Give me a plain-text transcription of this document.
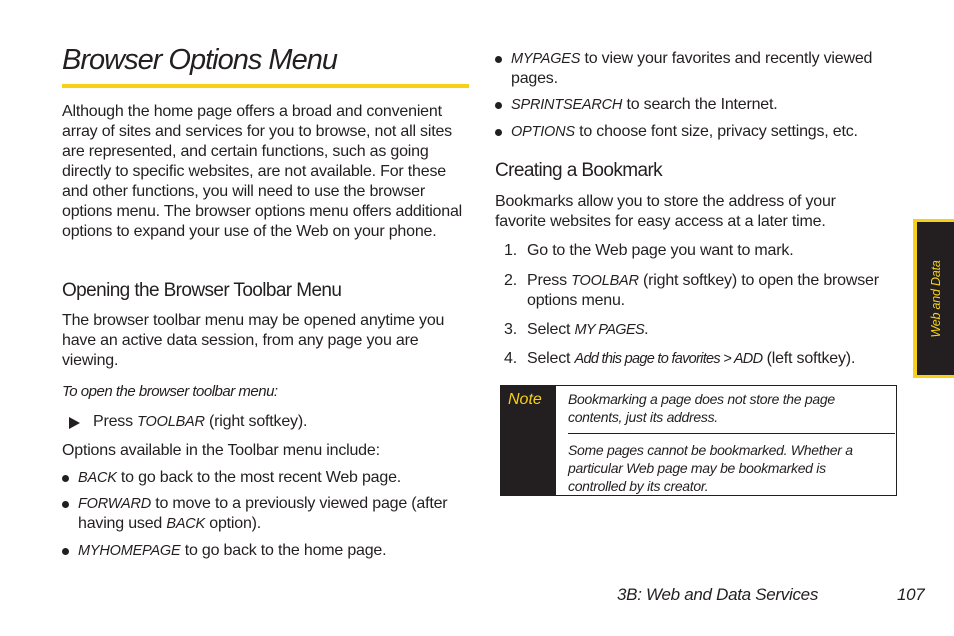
Browser Options Menu
Although the home page offers a broad and convenient array of sites and services for you to browse, not all sites are represented, and certain functions, such as going directly to specific websites, are not available. For these and other functions, you will need to use the browser options menu. The browser options menu offers additional options to expand your use of the Web on your phone.
Opening the Browser Toolbar Menu
The browser toolbar menu may be opened anytime you have an active data session, from any page you are viewing.
To open the browser toolbar menu:
Press TOOLBAR (right softkey).
Options available in the Toolbar menu include:
BACK to go back to the most recent Web page.
FORWARD to move to a previously viewed page (after
having used BACK option).
MYHOMEPAGE to go back to the home page.
MYPAGES to view your favorites and recently viewed
pages.
SPRINTSEARCH to search the Internet.
OPTIONS to choose font size, privacy settings, etc.
Creating a Bookmark
Bookmarks allow you to store the address of your favorite websites for easy access at a later time.
1. Go to the Web page you want to mark.
2. Press TOOLBAR (right softkey) to open the browser
options menu.
3. Select MY PAGES.
4. Select Add this page to favorites > ADD (left softkey).
Note Bookmarking a page does not store the page contents, just its address.
Some pages cannot be bookmarked. Whether a particular Web page may be bookmarked is controlled by its creator.
Web and Data
3B: Web and Data Services	107
